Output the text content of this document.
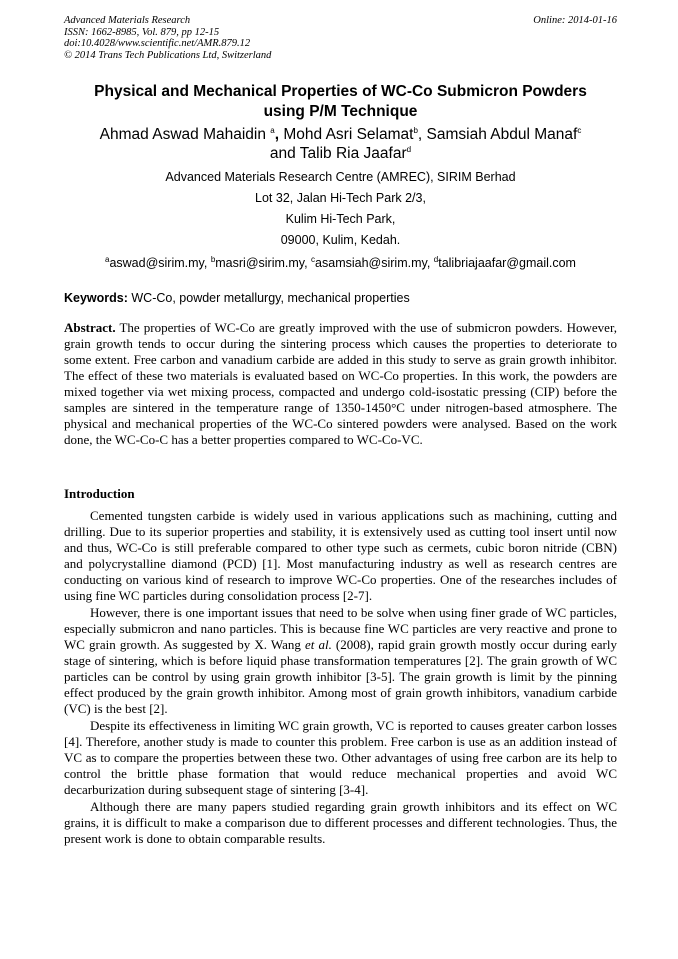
Advanced Materials Research
ISSN: 1662-8985, Vol. 879, pp 12-15
doi:10.4028/www.scientific.net/AMR.879.12
© 2014 Trans Tech Publications Ltd, Switzerland
Online: 2014-01-16
Physical and Mechanical Properties of WC-Co Submicron Powders
using P/M Technique
Ahmad Aswad Mahaidin $^a$, Mohd Asri Selamat$^b$, Samsiah Abdul Manaf$^c$
and Talib Ria Jaafar$^d$
Advanced Materials Research Centre (AMREC), SIRIM Berhad
Lot 32, Jalan Hi-Tech Park 2/3,
Kulim Hi-Tech Park,
09000, Kulim, Kedah.
$^a$aswad@sirim.my, $^b$masri@sirim.my, $^c$asamsiah@sirim.my, $^d$talibriajaafar@gmail.com
Keywords: WC-Co, powder metallurgy, mechanical properties
Abstract. The properties of WC-Co are greatly improved with the use of submicron powders. However, grain growth tends to occur during the sintering process which causes the properties to deteriorate to some extent. Free carbon and vanadium carbide are added in this study to serve as grain growth inhibitor. The effect of these two materials is evaluated based on WC-Co properties. In this work, the powders are mixed together via wet mixing process, compacted and undergo cold-isostatic pressing (CIP) before the samples are sintered in the temperature range of 1350-1450°C under nitrogen-based atmosphere. The physical and mechanical properties of the WC-Co sintered powders were analysed. Based on the work done, the WC-Co-C has a better properties compared to WC-Co-VC.
Introduction
Cemented tungsten carbide is widely used in various applications such as machining, cutting and drilling. Due to its superior properties and stability, it is extensively used as cutting tool insert until now and thus, WC-Co is still preferable compared to other type such as cermets, cubic boron nitride (CBN) and polycrystalline diamond (PCD) [1]. Most manufacturing industry as well as research centres are conducting on various kind of research to improve WC-Co properties. One of the researches includes of using fine WC particles during consolidation process [2-7].
However, there is one important issues that need to be solve when using finer grade of WC particles, especially submicron and nano particles. This is because fine WC particles are very reactive and prone to WC grain growth. As suggested by X. Wang et al. (2008), rapid grain growth mostly occur during early stage of sintering, which is before liquid phase transformation temperatures [2]. The grain growth of WC particles can be control by using grain growth inhibitor [3-5]. The grain growth is limit by the pinning effect produced by the grain growth inhibitor. Among most of grain growth inhibitors, vanadium carbide (VC) is the best [2].
Despite its effectiveness in limiting WC grain growth, VC is reported to causes greater carbon losses [4]. Therefore, another study is made to counter this problem. Free carbon is use as an addition instead of VC as to compare the properties between these two. Other advantages of using free carbon are its help to control the brittle phase formation that would reduce mechanical properties and avoid WC decarburization during subsequent stage of sintering [3-4].
Although there are many papers studied regarding grain growth inhibitors and its effect on WC grains, it is difficult to make a comparison due to different processes and different technologies. Thus, the present work is done to obtain comparable results.
